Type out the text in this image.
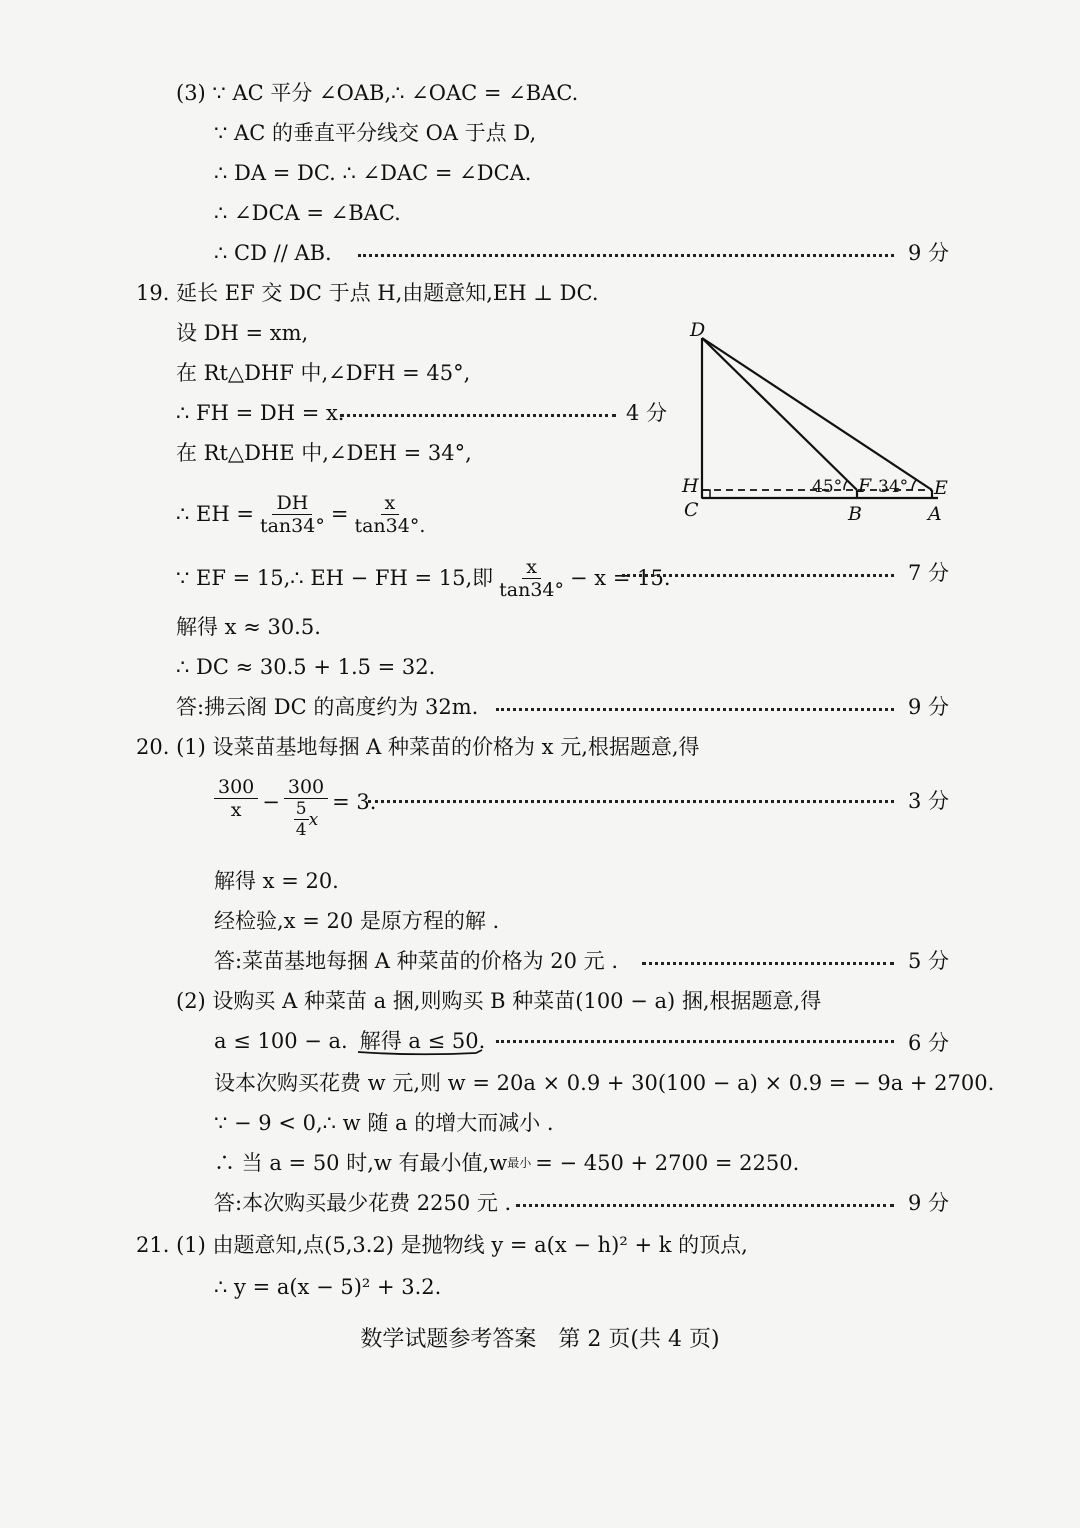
(3) ∵ AC 平分 ∠OAB,∴ ∠OAC = ∠BAC.
∵ AC 的垂直平分线交 OA 于点 D,
∴ DA = DC. ∴ ∠DAC = ∠DCA.
∴ ∠DCA = ∠BAC.
∴ CD // AB.	9 分
19. 延长 EF 交 DC 于点 H,由题意知,EH ⊥ DC.
设 DH = xm,
在 Rt△DHF 中,∠DFH = 45°,
∴ FH = DH = x.	4 分
在 Rt△DHE 中,∠DEH = 34°,
∴ EH = $\frac{DH}{\tan 34^\circ} = \frac{x}{\tan 34^\circ.}$
∵ EF = 15,∴ EH − FH = 15,即 $\frac{x}{\tan 34^\circ} - x = 15$.	7 分
解得 x ≈ 30.5.
∴ DC ≈ 30.5 + 1.5 = 32.
答:拂云阁 DC 的高度约为 32m.	9 分
D
H
C
F
B
E
A
45° 34°
20. (1) 设菜苗基地每捆 A 种菜苗的价格为 x 元,根据题意,得
$\frac{300}{x} - \frac{300}{\frac{5}{4} x} = 3$.	3 分
解得 x = 20.
经检验,x = 20 是原方程的解 .
答:菜苗基地每捆 A 种菜苗的价格为 20 元 .	5 分
(2) 设购买 A 种菜苗 a 捆,则购买 B 种菜苗(100 − a) 捆,根据题意,得
a ≤ 100 − a. 解得 a ≤ 50.	6 分
设本次购买花费 w 元,则 w = 20a × 0.9 + 30(100 − a) × 0.9 = − 9a + 2700.
∵ − 9 < 0,∴ w 随 a 的增大而减小 .
∴ 当 a = 50 时,w 有最小值,w 最小 = − 450 + 2700 = 2250.
答:本次购买最少花费 2250 元 .	9 分
21. (1) 由题意知,点(5,3.2) 是抛物线 y = a(x − h)² + k 的顶点,
∴ y = a(x − 5)² + 3.2.
数学试题参考答案　第 2 页(共 4 页)
